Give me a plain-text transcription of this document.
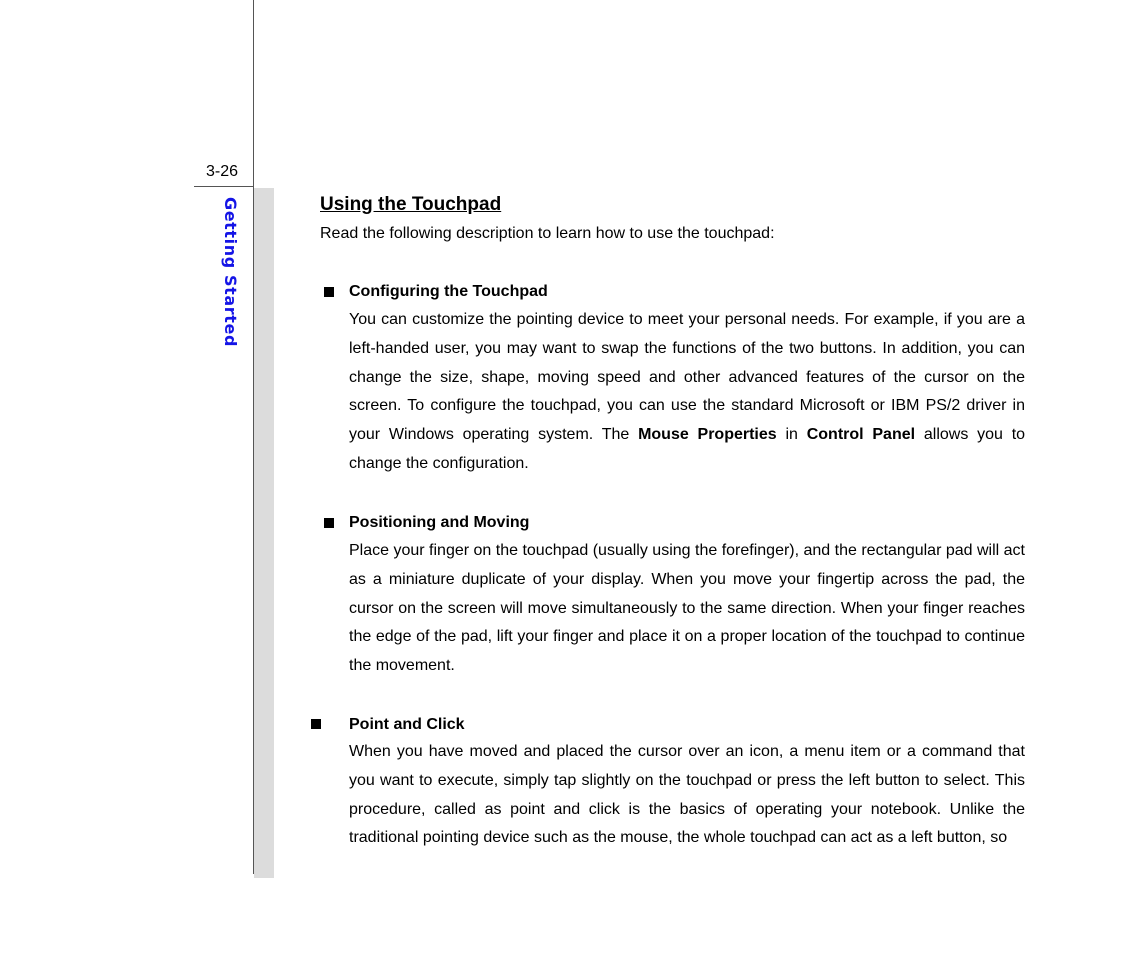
3-26
Getting Started	Using the Touchpad
Read the following description to learn how to use the touchpad:
Configuring the Touchpad
You can customize the pointing device to meet your personal needs. For example, if you are a left-handed user, you may want to swap the functions of the two buttons. In addition, you can change the size, shape, moving speed and other advanced features of the cursor on the screen. To configure the touchpad, you can use the standard Microsoft or IBM PS/2 driver in your Windows operating system. The Mouse Properties in Control Panel allows you to change the configuration.
Positioning and Moving
Place your finger on the touchpad (usually using the forefinger), and the rectangular pad will act as a miniature duplicate of your display. When you move your fingertip across the pad, the cursor on the screen will move simultaneously to the same direction. When your finger reaches the edge of the pad, lift your finger and place it on a proper location of the touchpad to continue the movement.
Point and Click
When you have moved and placed the cursor over an icon, a menu item or a command that you want to execute, simply tap slightly on the touchpad or press the left button to select. This procedure, called as point and click is the basics of operating your notebook. Unlike the traditional pointing device such as the mouse, the whole touchpad can act as a left button, so
